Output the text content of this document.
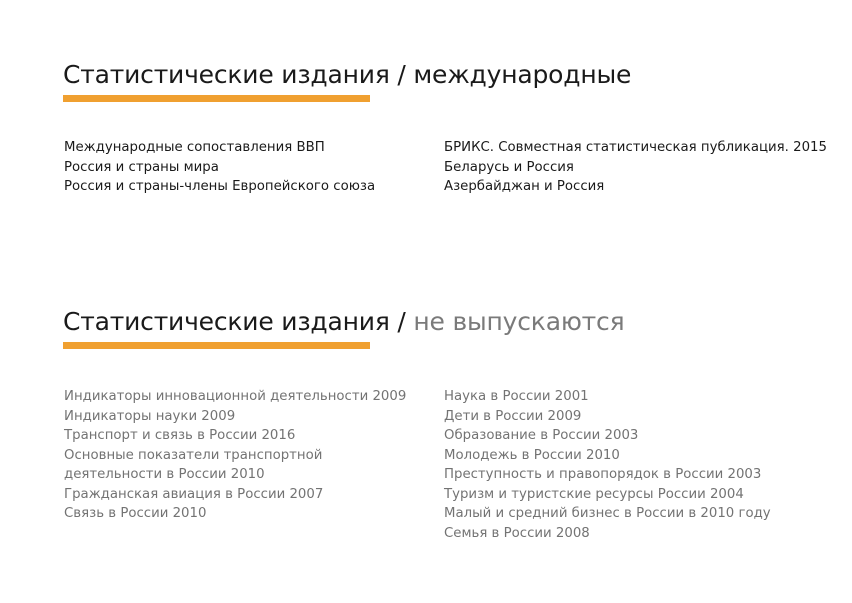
Статистические издания / международные
Международные сопоставления ВВП
Россия и страны мира
Россия и страны-члены Европейского союза
БРИКС. Совместная статистическая публикация. 2015
Беларусь и Россия
Азербайджан и Россия
Статистические издания / не выпускаются
Индикаторы инновационной деятельности 2009
Индикаторы науки 2009
Транспорт и связь в России 2016
Основные показатели транспортной
деятельности в России 2010
Гражданская авиация в России 2007
Связь в России 2010
Наука в России 2001
Дети в России 2009
Образование в России 2003
Молодежь в России 2010
Преступность и правопорядок в России 2003
Туризм и туристские ресурсы России 2004
Малый и средний бизнес в России в 2010 году
Семья в России 2008
